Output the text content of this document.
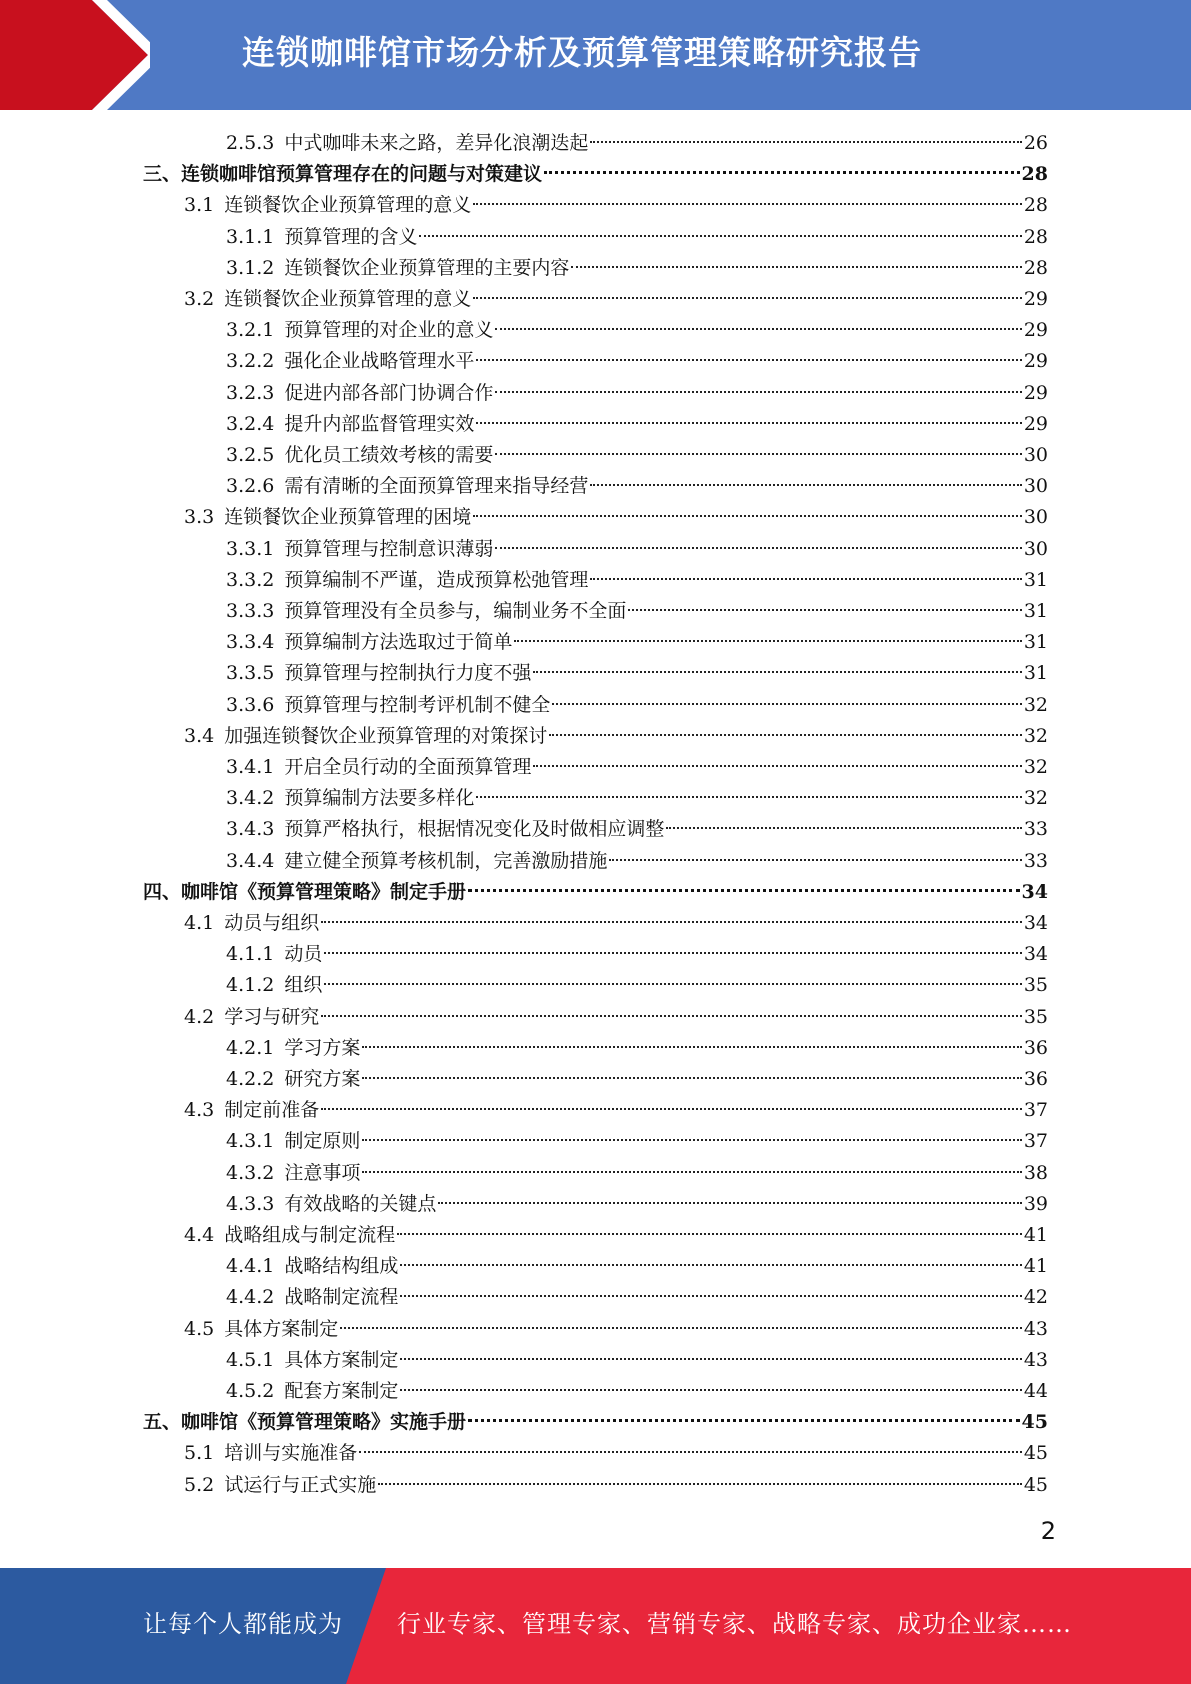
连锁咖啡馆市场分析及预算管理策略研究报告
2.5.3 中式咖啡未来之路，差异化浪潮迭起	26
三、连锁咖啡馆预算管理存在的问题与对策建议	28
3.1 连锁餐饮企业预算管理的意义	28
3.1.1 预算管理的含义	28
3.1.2 连锁餐饮企业预算管理的主要内容	28
3.2 连锁餐饮企业预算管理的意义	29
3.2.1 预算管理的对企业的意义	29
3.2.2 强化企业战略管理水平	29
3.2.3 促进内部各部门协调合作	29
3.2.4 提升内部监督管理实效	29
3.2.5 优化员工绩效考核的需要	30
3.2.6 需有清晰的全面预算管理来指导经营	30
3.3 连锁餐饮企业预算管理的困境	30
3.3.1 预算管理与控制意识薄弱	30
3.3.2 预算编制不严谨，造成预算松弛管理	31
3.3.3 预算管理没有全员参与，编制业务不全面	31
3.3.4 预算编制方法选取过于简单	31
3.3.5 预算管理与控制执行力度不强	31
3.3.6 预算管理与控制考评机制不健全	32
3.4 加强连锁餐饮企业预算管理的对策探讨	32
3.4.1 开启全员行动的全面预算管理	32
3.4.2 预算编制方法要多样化	32
3.4.3 预算严格执行，根据情况变化及时做相应调整	33
3.4.4 建立健全预算考核机制，完善激励措施	33
四、咖啡馆《预算管理策略》制定手册	34
4.1 动员与组织	34
4.1.1 动员	34
4.1.2 组织	35
4.2 学习与研究	35
4.2.1 学习方案	36
4.2.2 研究方案	36
4.3 制定前准备	37
4.3.1 制定原则	37
4.3.2 注意事项	38
4.3.3 有效战略的关键点	39
4.4 战略组成与制定流程	41
4.4.1 战略结构组成	41
4.4.2 战略制定流程	42
4.5 具体方案制定	43
4.5.1 具体方案制定	43
4.5.2 配套方案制定	44
五、咖啡馆《预算管理策略》实施手册	45
5.1 培训与实施准备	45
5.2 试运行与正式实施	45
2
让每个人都能成为 行业专家、管理专家、营销专家、战略专家、成功企业家……
